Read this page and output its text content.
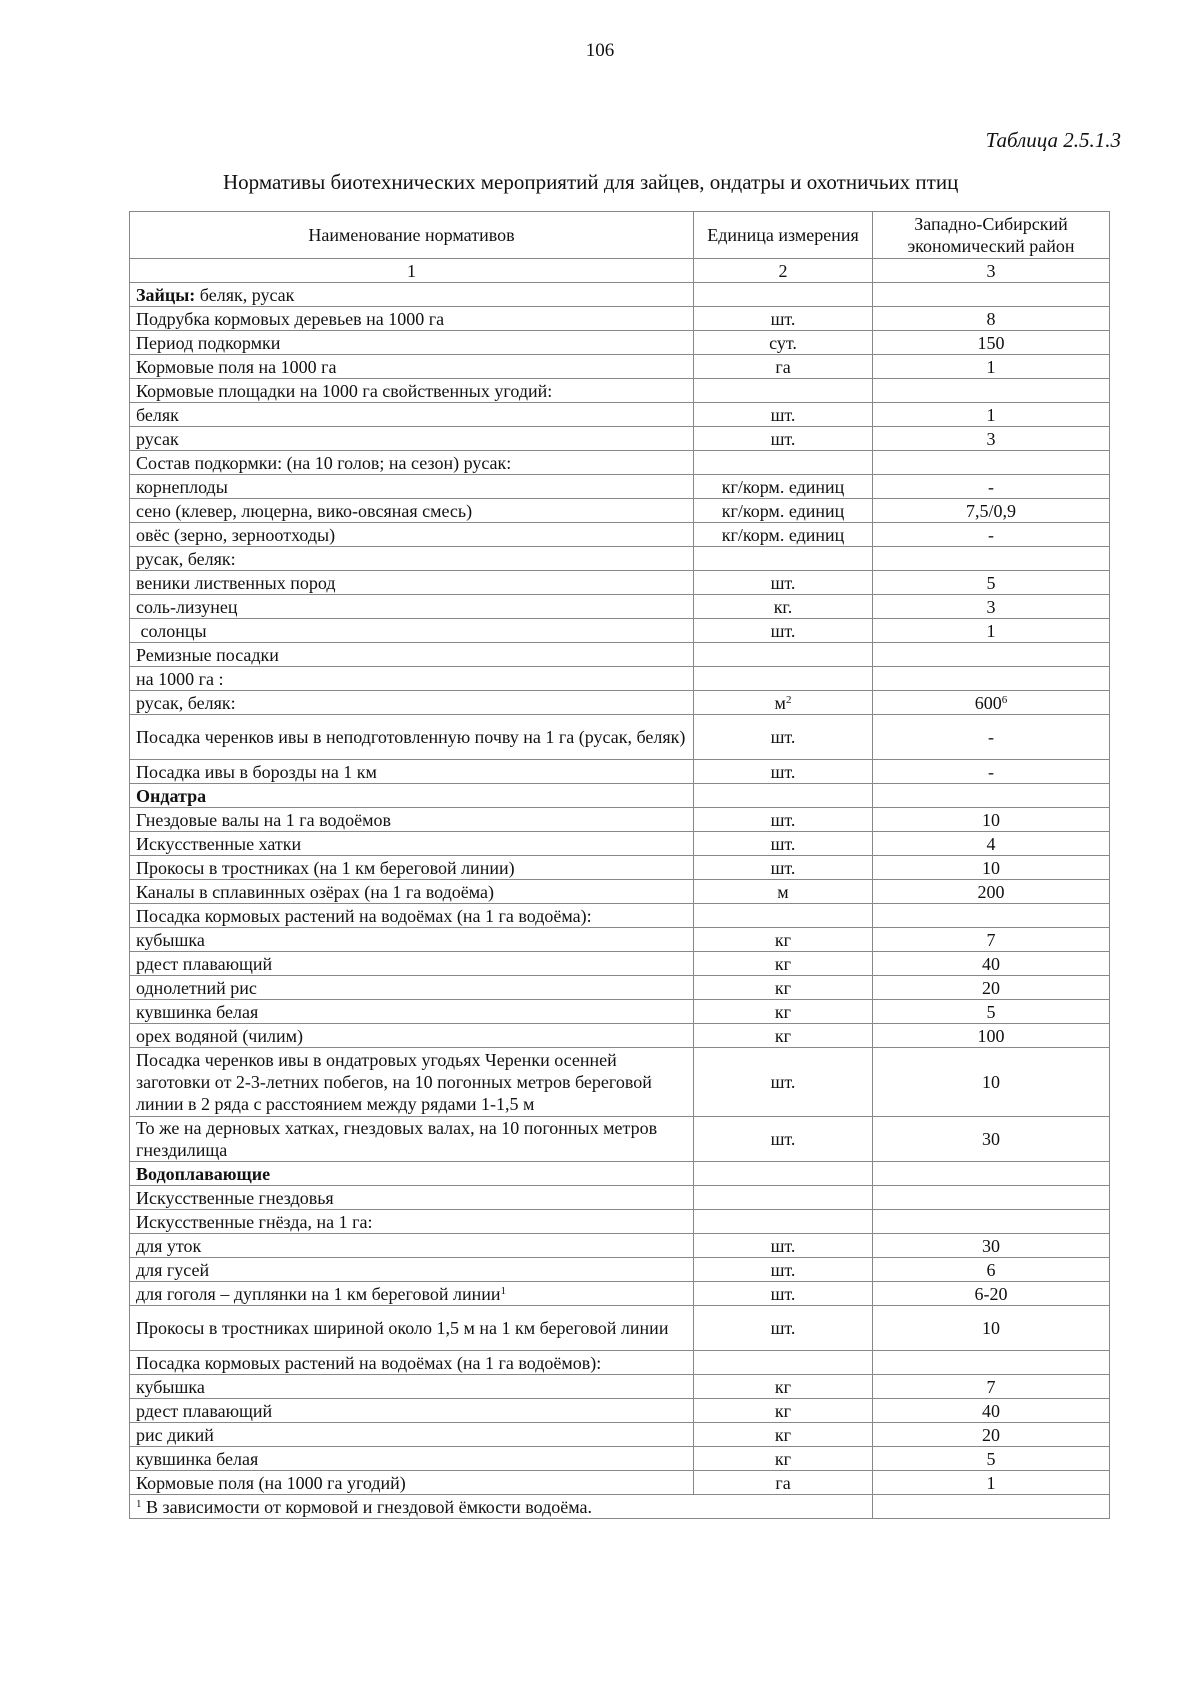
106
Таблица 2.5.1.3
Нормативы биотехнических мероприятий для зайцев, ондатры и охотничьих птиц
Наименование нормативов	Единица измерения	Западно-Сибирский экономический район
1	2	3
Зайцы: беляк, русак		
Подрубка кормовых деревьев на 1000 га	шт.	8
Период подкормки	сут.	150
Кормовые поля на 1000 га	га	1
Кормовые площадки на 1000 га свойственных угодий:		
беляк	шт.	1
русак	шт.	3
Состав подкормки: (на 10 голов; на сезон) русак:		
корнеплоды	кг/корм. единиц	-
сено (клевер, люцерна, вико-овсяная смесь)	кг/корм. единиц	7,5/0,9
овёс (зерно, зерноотходы)	кг/корм. единиц	-
русак, беляк:		
веники лиственных пород	шт.	5
соль-лизунец	кг.	3
солонцы	шт.	1
Ремизные посадки		
на 1000 га :		
русак, беляк:	$м^2$	$600^6$
Посадка черенков ивы в неподготовленную почву на 1 га (русак, беляк)	шт.	-
Посадка ивы в борозды на 1 км	шт.	-
Ондатра		
Гнездовые валы на 1 га водоёмов	шт.	10
Искусственные хатки	шт.	4
Прокосы в тростниках (на 1 км береговой линии)	шт.	10
Каналы в сплавинных озёрах (на 1 га водоёма)	м	200
Посадка кормовых растений на водоёмах (на 1 га водоёма):		
кубышка	кг	7
рдест плавающий	кг	40
однолетний рис	кг	20
кувшинка белая	кг	5
орех водяной (чилим)	кг	100
Посадка черенков ивы в ондатровых угодьях Черенки осенней заготовки от 2-3-летних побегов, на 10 погонных метров береговой линии в 2 ряда с расстоянием между рядами 1-1,5 м	шт.	10
То же на дерновых хатках, гнездовых валах, на 10 погонных метров гнездилища	шт.	30
Водоплавающие		
Искусственные гнездовья		
Искусственные гнёзда, на 1 га:		
для уток	шт.	30
для гусей	шт.	6
для гоголя – дуплянки на 1 км береговой линии$^1$	шт.	6-20
Прокосы в тростниках шириной около 1,5 м на 1 км береговой линии	шт.	10
Посадка кормовых растений на водоёмах (на 1 га водоёмов):		
кубышка	кг	7
рдест плавающий	кг	40
рис дикий	кг	20
кувшинка белая	кг	5
Кормовые поля (на 1000 га угодий)	га	1
$^1$ В зависимости от кормовой и гнездовой ёмкости водоёма.		
